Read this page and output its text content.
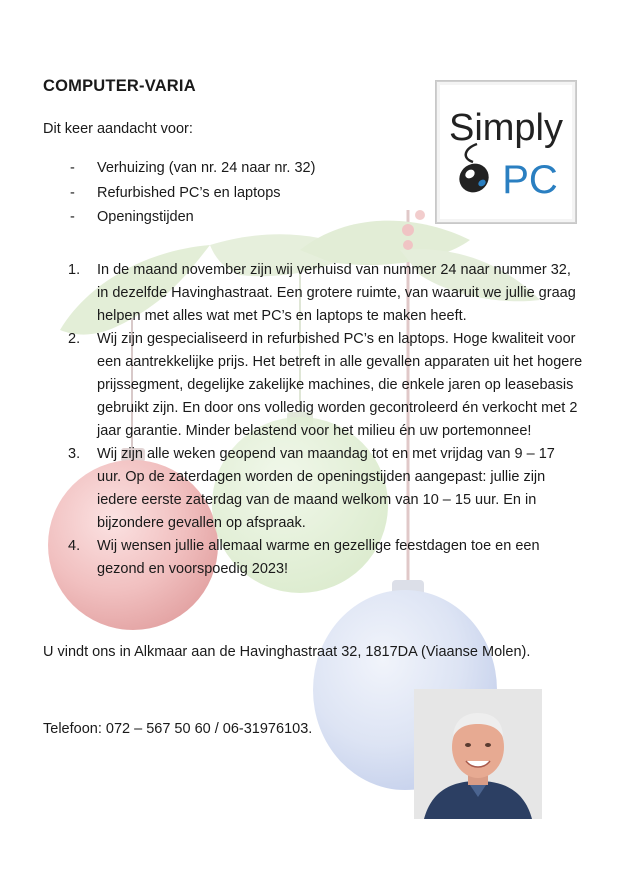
COMPUTER-VARIA
Dit keer aandacht voor:
-	Verhuizing (van nr. 24 naar nr. 32)
-	Refurbished PC’s en laptops
-	Openingstijden
1.	In de maand november zijn wij verhuisd van nummer 24 naar nummer 32, in dezelfde Havinghastraat. Een grotere ruimte, van waaruit we jullie graag helpen met alles wat met PC’s en laptops te maken heeft.
2.	Wij zijn gespecialiseerd in refurbished PC’s en laptops. Hoge kwaliteit voor een aantrekkelijke prijs. Het betreft in alle gevallen apparaten uit het hogere prijssegment, degelijke zakelijke machines, die enkele jaren op leasebasis gebruikt zijn. En door ons volledig worden gecontroleerd én verkocht met 2 jaar garantie. Minder belastend voor het milieu én uw portemonnee!
3.	Wij zijn alle weken geopend van maandag tot en met vrijdag van 9 – 17 uur. Op de zaterdagen worden de openingstijden aangepast: jullie zijn iedere eerste zaterdag van de maand welkom van 10 – 15 uur. En in bijzondere gevallen op afspraak.
4.	Wij wensen jullie allemaal warme en gezellige feestdagen toe en een gezond en voorspoedig 2023!
U vindt ons in Alkmaar aan de Havinghastraat 32, 1817DA (Viaanse Molen).
Telefoon: 072 – 567 50 60 / 06-31976103.
Simply
PC
